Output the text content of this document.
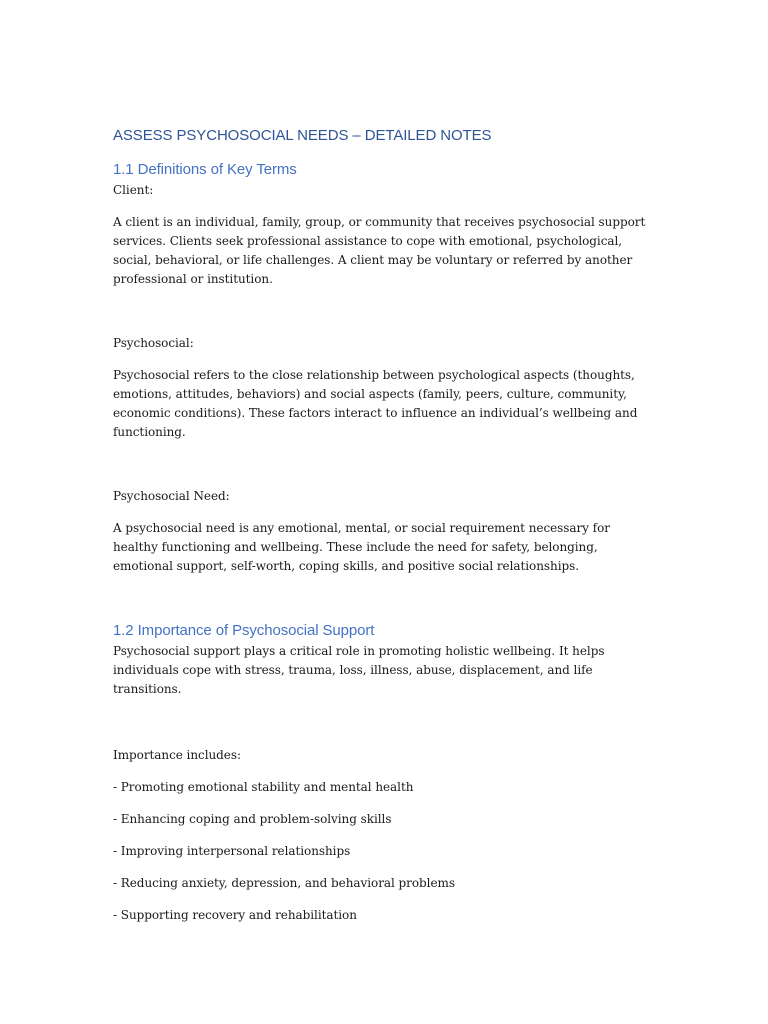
ASSESS PSYCHOSOCIAL NEEDS – DETAILED NOTES
1.1 Definitions of Key Terms
Client:
A client is an individual, family, group, or community that receives psychosocial support services. Clients seek professional assistance to cope with emotional, psychological, social, behavioral, or life challenges. A client may be voluntary or referred by another professional or institution.
Psychosocial:
Psychosocial refers to the close relationship between psychological aspects (thoughts, emotions, attitudes, behaviors) and social aspects (family, peers, culture, community, economic conditions). These factors interact to influence an individual’s wellbeing and functioning.
Psychosocial Need:
A psychosocial need is any emotional, mental, or social requirement necessary for healthy functioning and wellbeing. These include the need for safety, belonging, emotional support, self-worth, coping skills, and positive social relationships.
1.2 Importance of Psychosocial Support
Psychosocial support plays a critical role in promoting holistic wellbeing. It helps individuals cope with stress, trauma, loss, illness, abuse, displacement, and life transitions.
Importance includes:
- Promoting emotional stability and mental health
- Enhancing coping and problem-solving skills
- Improving interpersonal relationships
- Reducing anxiety, depression, and behavioral problems
- Supporting recovery and rehabilitation
